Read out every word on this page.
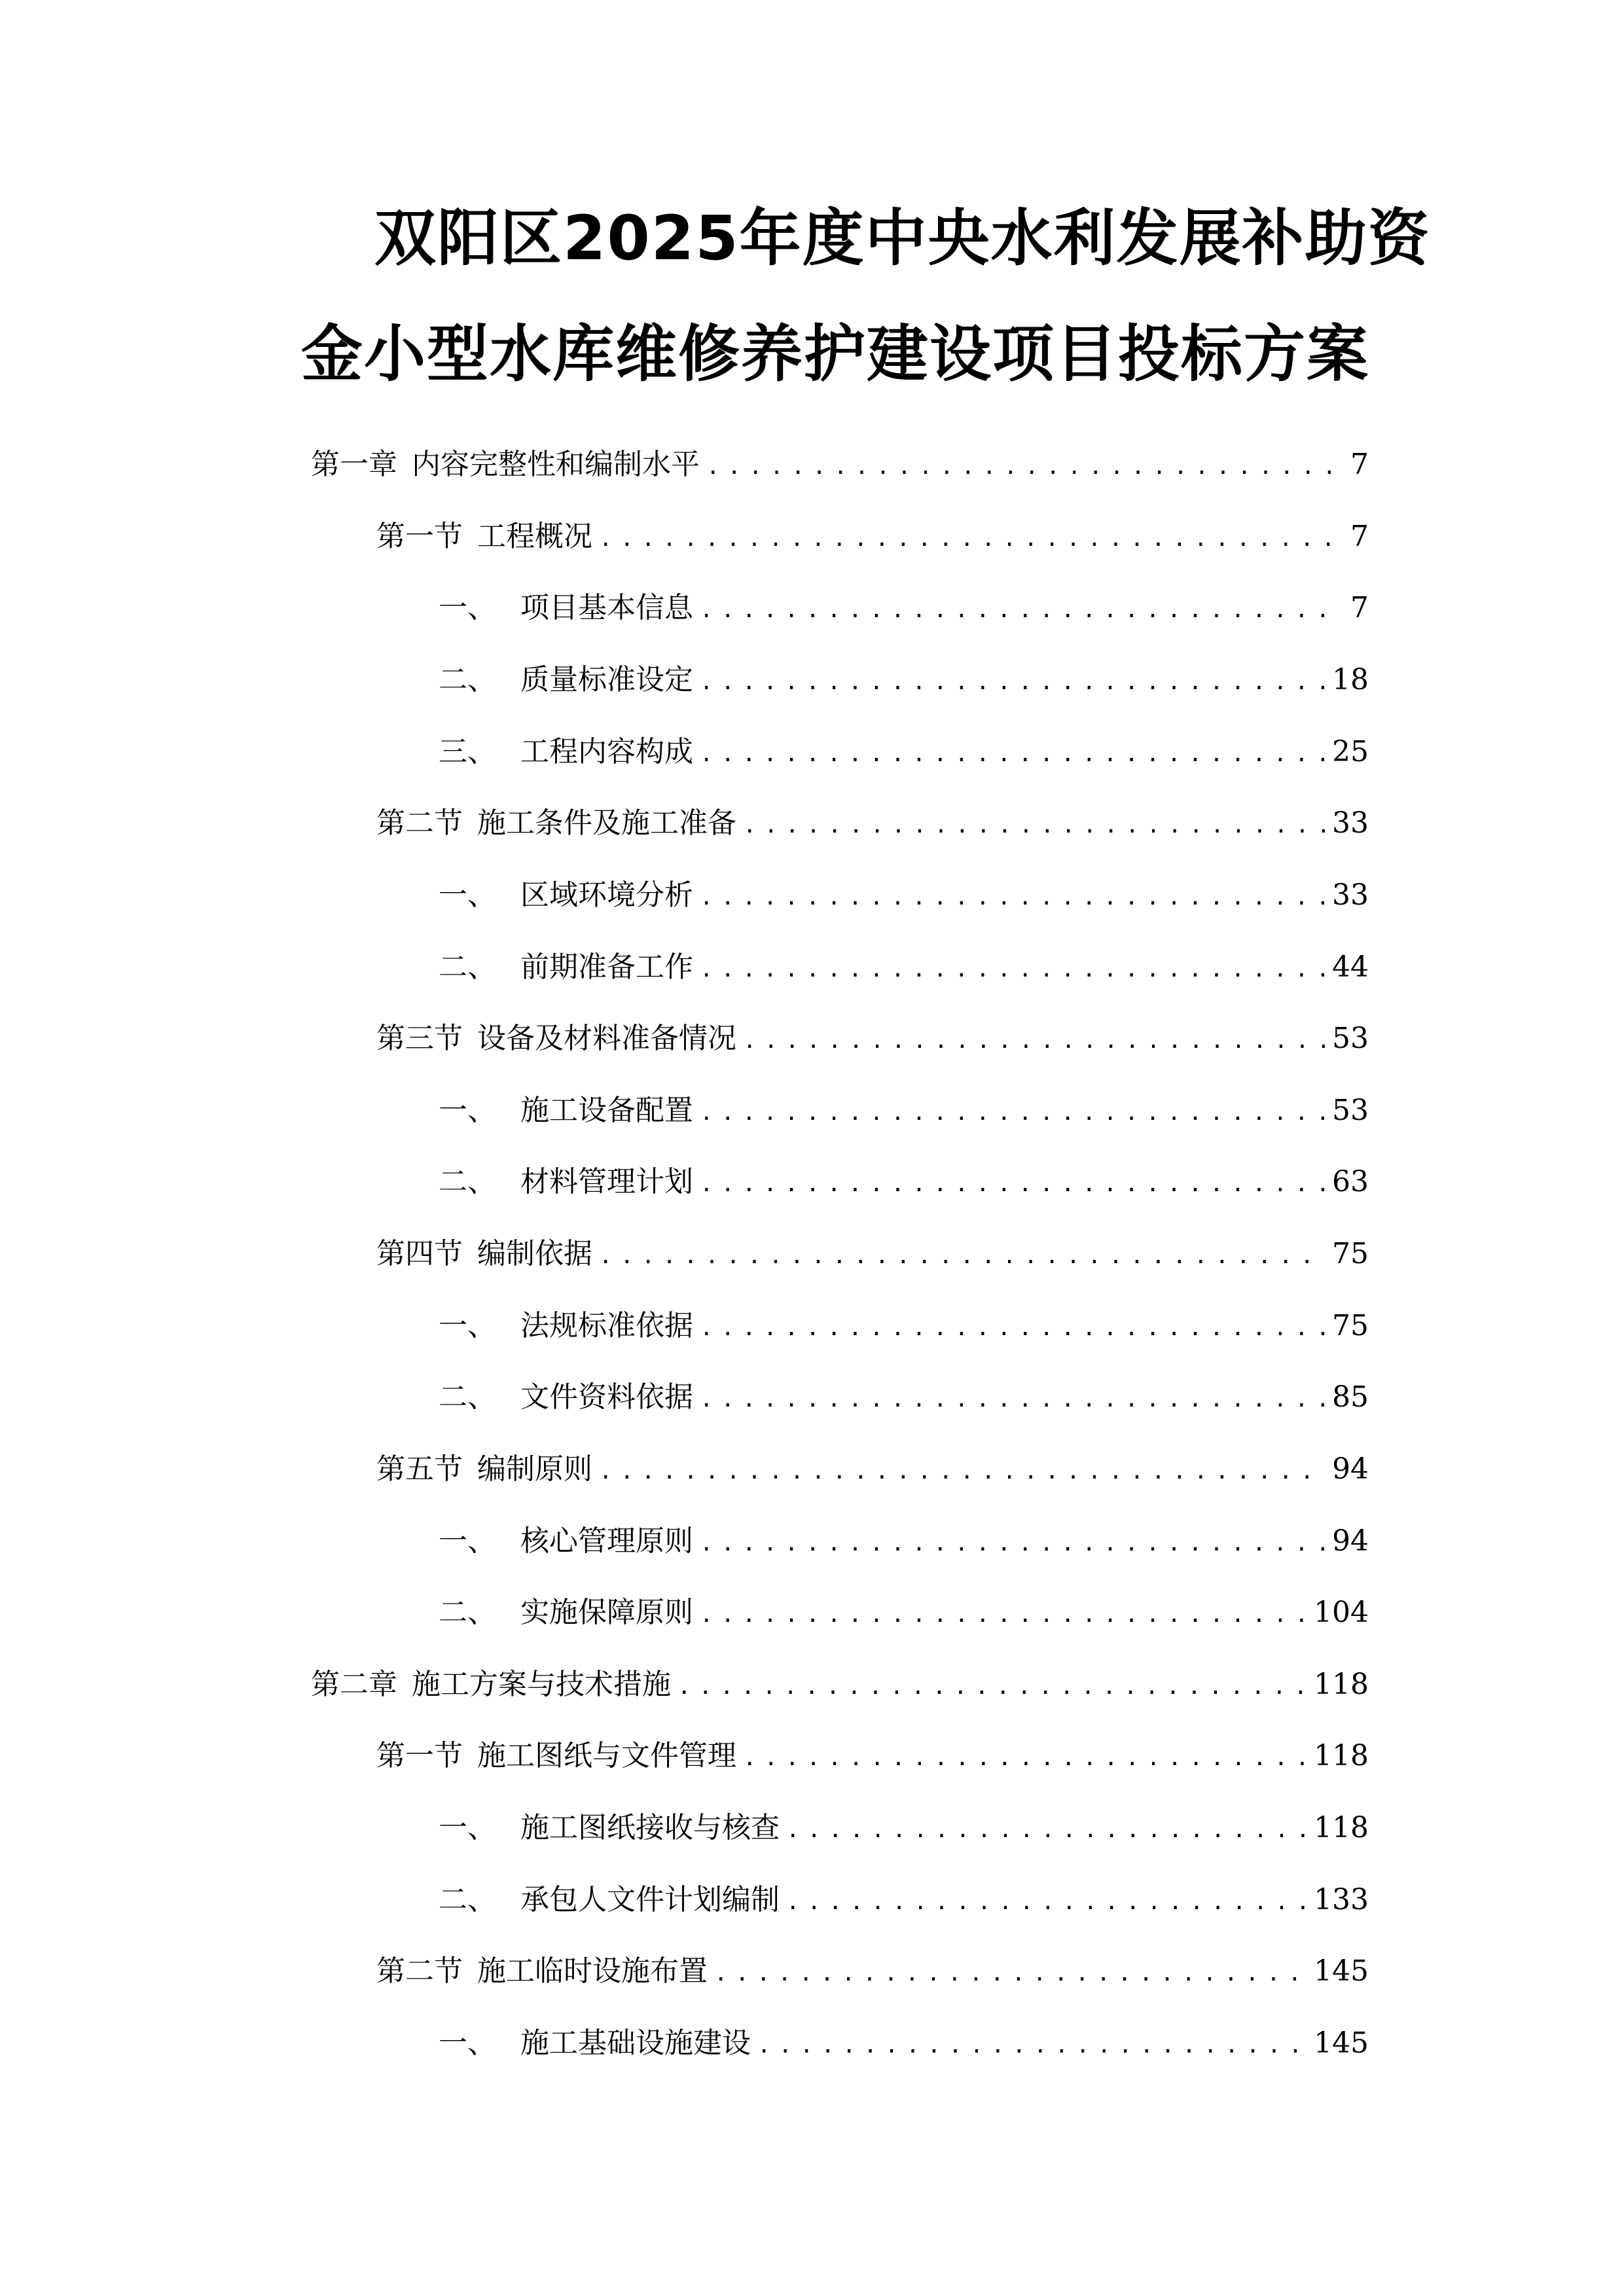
双阳区2025年度中央水利发展补助资
金小型水库维修养护建设项目投标方案
第一章 内容完整性和编制水平 .....	7
第一节 工程概况 .....	7
一、 项目基本信息 .....	7
二、 质量标准设定 .....	18
三、 工程内容构成 .....	25
第二节 施工条件及施工准备 .....	33
一、 区域环境分析 .....	33
二、 前期准备工作 .....	44
第三节 设备及材料准备情况 .....	53
一、 施工设备配置 .....	53
二、 材料管理计划 .....	63
第四节 编制依据 .....	75
一、 法规标准依据 .....	75
二、 文件资料依据 .....	85
第五节 编制原则 .....	94
一、 核心管理原则 .....	94
二、 实施保障原则 .....	104
第二章 施工方案与技术措施 .....	118
第一节 施工图纸与文件管理 .....	118
一、 施工图纸接收与核查 .....	118
二、 承包人文件计划编制 .....	133
第二节 施工临时设施布置 .....	145
一、 施工基础设施建设 .....	145
